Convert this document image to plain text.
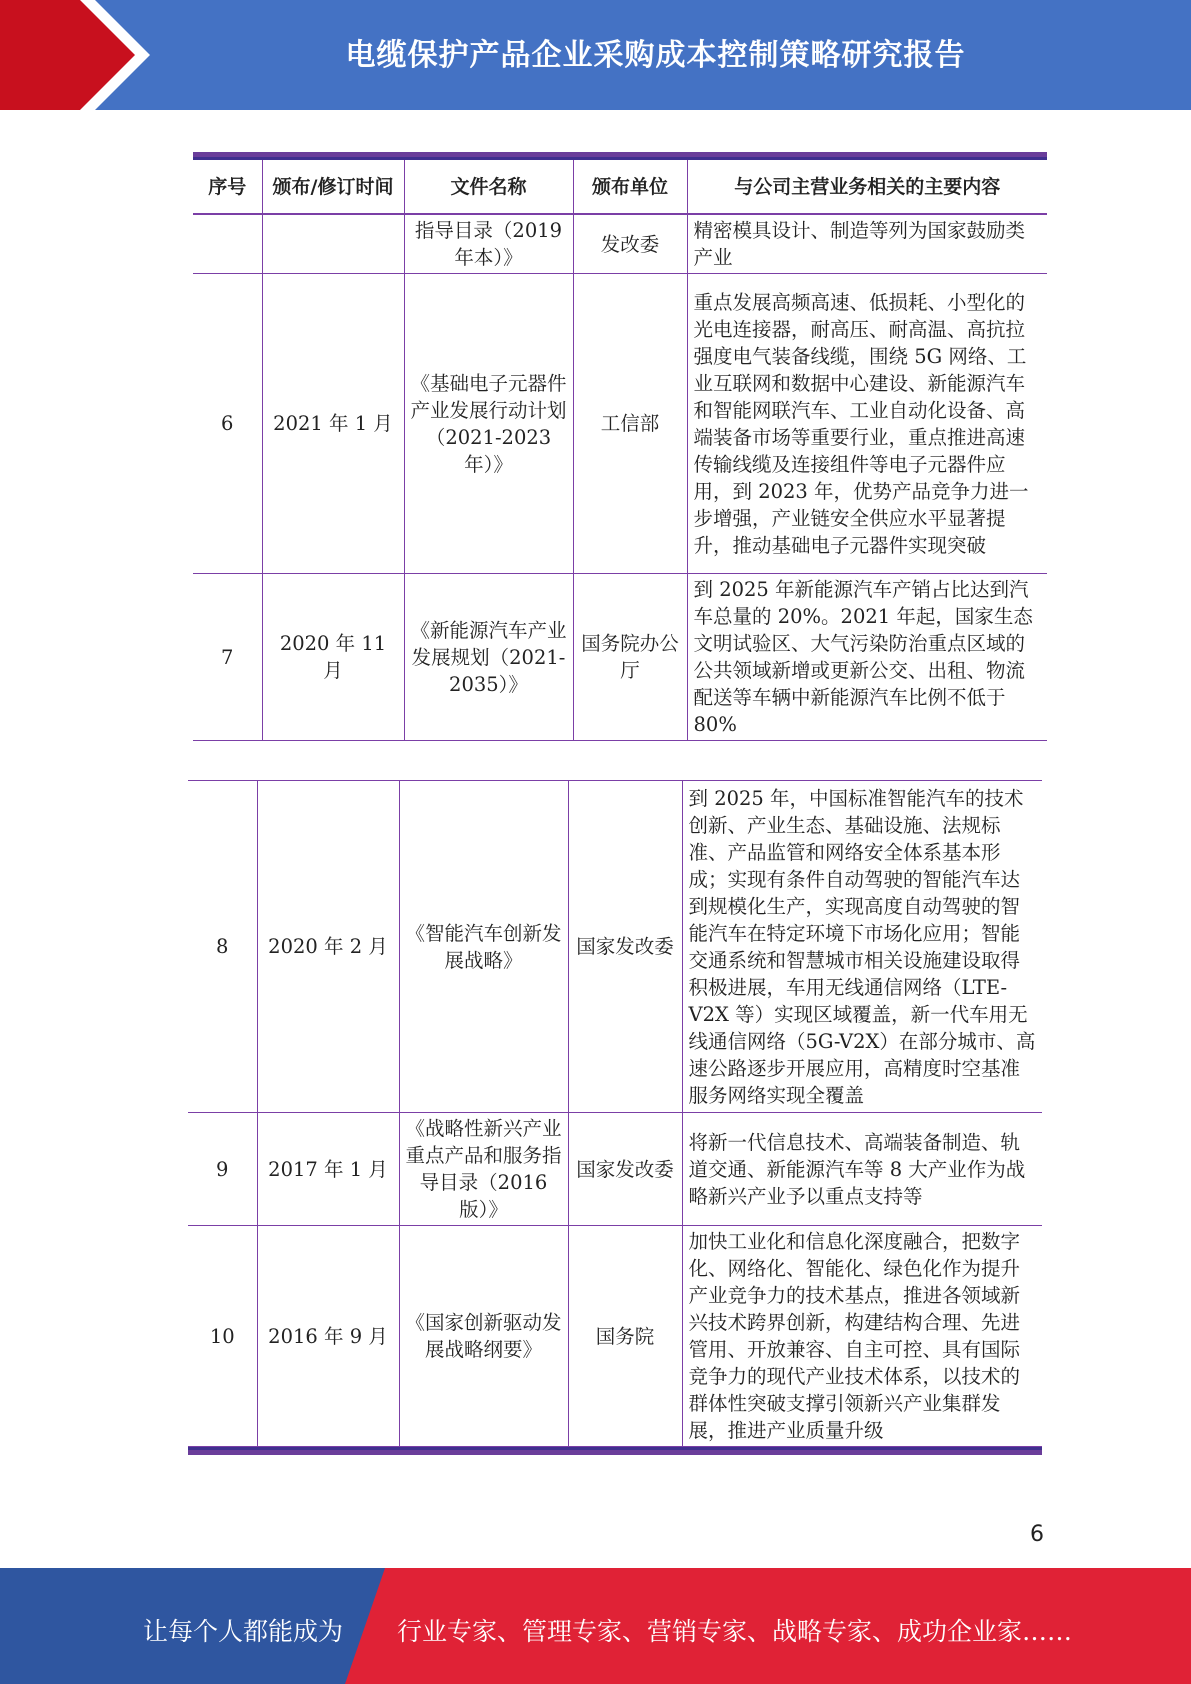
电缆保护产品企业采购成本控制策略研究报告
序号	颁布/修订时间	文件名称	颁布单位	与公司主营业务相关的主要内容
		指导目录（2019年本）》	发改委	精密模具设计、制造等列为国家鼓励类产业
6	2021 年 1 月	《基础电子元器件产业发展行动计划（2021-2023年）》	工信部	重点发展高频高速、低损耗、小型化的光电连接器，耐高压、耐高温、高抗拉强度电气装备线缆，围绕 5G 网络、工业互联网和数据中心建设、新能源汽车和智能网联汽车、工业自动化设备、高端装备市场等重要行业，重点推进高速传输线缆及连接组件等电子元器件应用，到 2023 年，优势产品竞争力进一步增强，产业链安全供应水平显著提升，推动基础电子元器件实现突破
7	2020 年 11 月	《新能源汽车产业发展规划（2021-2035）》	国务院办公厅	到 2025 年新能源汽车产销占比达到汽车总量的 20%。2021 年起，国家生态文明试验区、大气污染防治重点区域的公共领域新增或更新公交、出租、物流配送等车辆中新能源汽车比例不低于 80%
8	2020 年 2 月	《智能汽车创新发展战略》	国家发改委	到 2025 年，中国标准智能汽车的技术创新、产业生态、基础设施、法规标准、产品监管和网络安全体系基本形成；实现有条件自动驾驶的智能汽车达到规模化生产，实现高度自动驾驶的智能汽车在特定环境下市场化应用；智能交通系统和智慧城市相关设施建设取得积极进展，车用无线通信网络（LTE-V2X 等）实现区域覆盖，新一代车用无线通信网络（5G-V2X）在部分城市、高速公路逐步开展应用，高精度时空基准服务网络实现全覆盖
9	2017 年 1 月	《战略性新兴产业重点产品和服务指导目录（2016 版）》	国家发改委	将新一代信息技术、高端装备制造、轨道交通、新能源汽车等 8 大产业作为战略新兴产业予以重点支持等
10	2016 年 9 月	《国家创新驱动发展战略纲要》	国务院	加快工业化和信息化深度融合，把数字化、网络化、智能化、绿色化作为提升产业竞争力的技术基点，推进各领域新兴技术跨界创新，构建结构合理、先进管用、开放兼容、自主可控、具有国际竞争力的现代产业技术体系，以技术的群体性突破支撑引领新兴产业集群发展，推进产业质量升级
6
让每个人都能成为 行业专家、管理专家、营销专家、战略专家、成功企业家……
